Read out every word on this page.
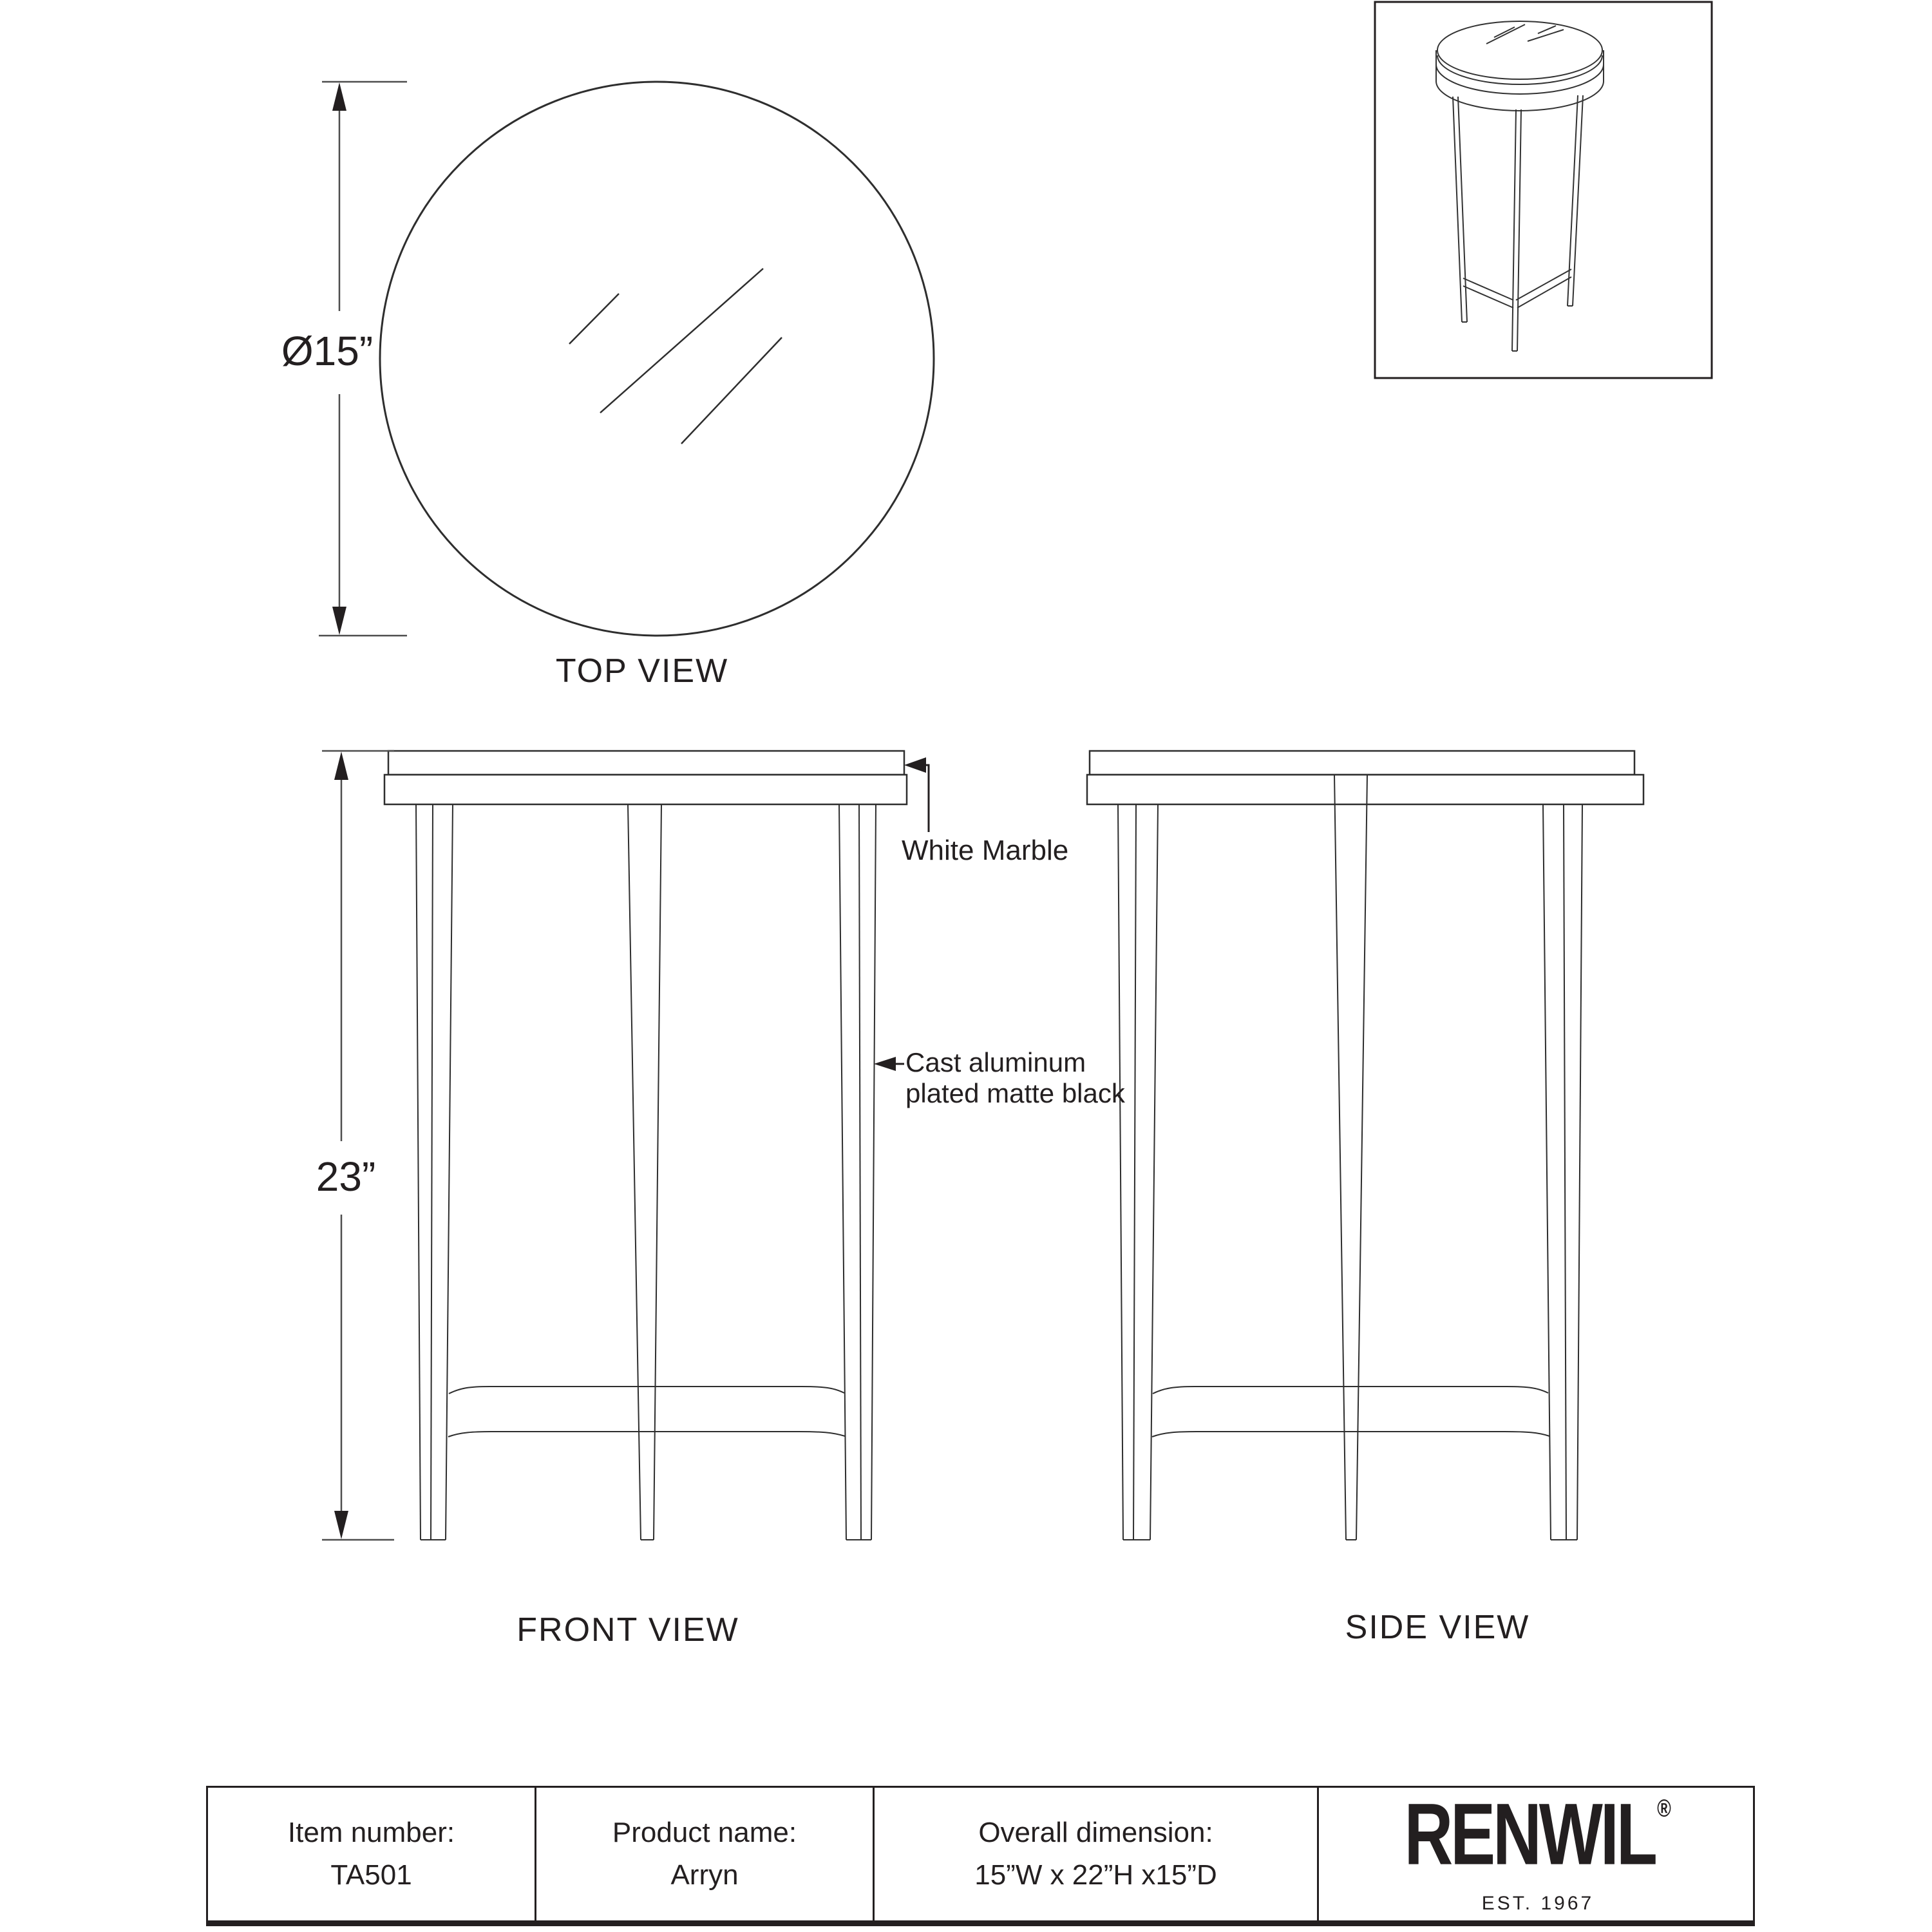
Ø15”
TOP VIEW
23”
White Marble
Cast aluminum
plated matte black
FRONT VIEW	SIDE VIEW
Item number:
TA501
Product name:
Arryn
Overall dimension:
15”W x 22”H x15”D RENWIL ®
EST. 1967
